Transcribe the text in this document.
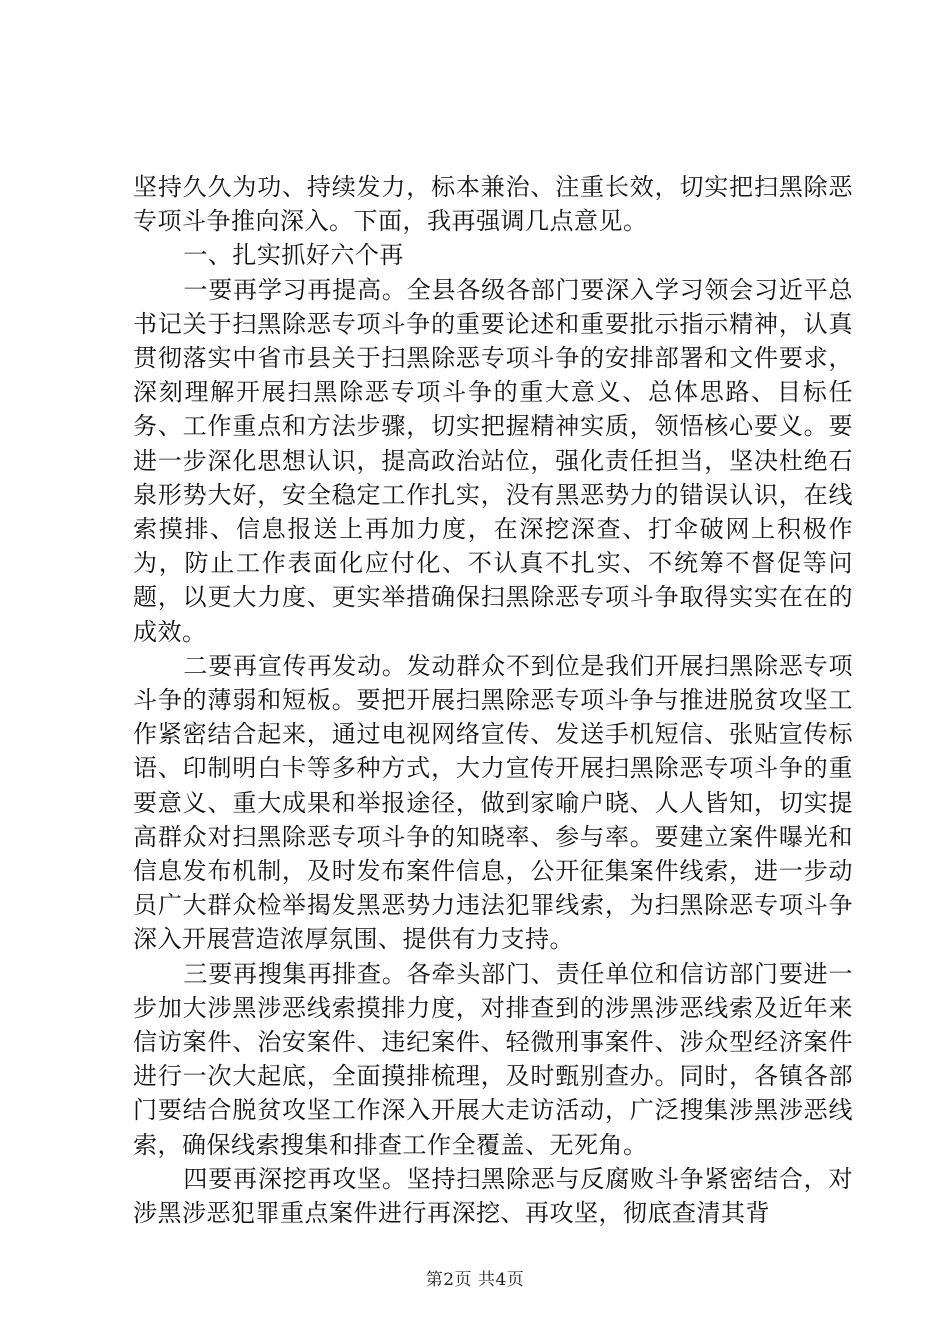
坚持久久为功、持续发力，标本兼治、注重长效，切实把扫黑除恶专项斗争推向深入。下面，我再强调几点意见。

一、扎实抓好六个再

一要再学习再提高。全县各级各部门要深入学习领会习近平总书记关于扫黑除恶专项斗争的重要论述和重要批示指示精神，认真贯彻落实中省市县关于扫黑除恶专项斗争的安排部署和文件要求，深刻理解开展扫黑除恶专项斗争的重大意义、总体思路、目标任务、工作重点和方法步骤，切实把握精神实质，领悟核心要义。要进一步深化思想认识，提高政治站位，强化责任担当，坚决杜绝石泉形势大好，安全稳定工作扎实，没有黑恶势力的错误认识，在线索摸排、信息报送上再加力度，在深挖深查、打伞破网上积极作为，防止工作表面化应付化、不认真不扎实、不统筹不督促等问题，以更大力度、更实举措确保扫黑除恶专项斗争取得实实在在的成效。

二要再宣传再发动。发动群众不到位是我们开展扫黑除恶专项斗争的薄弱和短板。要把开展扫黑除恶专项斗争与推进脱贫攻坚工作紧密结合起来，通过电视网络宣传、发送手机短信、张贴宣传标语、印制明白卡等多种方式，大力宣传开展扫黑除恶专项斗争的重要意义、重大成果和举报途径，做到家喻户晓、人人皆知，切实提高群众对扫黑除恶专项斗争的知晓率、参与率。要建立案件曝光和信息发布机制，及时发布案件信息，公开征集案件线索，进一步动员广大群众检举揭发黑恶势力违法犯罪线索，为扫黑除恶专项斗争深入开展营造浓厚氛围、提供有力支持。

三要再搜集再排查。各牵头部门、责任单位和信访部门要进一步加大涉黑涉恶线索摸排力度，对排查到的涉黑涉恶线索及近年来信访案件、治安案件、违纪案件、轻微刑事案件、涉众型经济案件进行一次大起底，全面摸排梳理，及时甄别查办。同时，各镇各部门要结合脱贫攻坚工作深入开展大走访活动，广泛搜集涉黑涉恶线索，确保线索搜集和排查工作全覆盖、无死角。

四要再深挖再攻坚。坚持扫黑除恶与反腐败斗争紧密结合，对涉黑涉恶犯罪重点案件进行再深挖、再攻坚，彻底查清其背

第2页 共4页
